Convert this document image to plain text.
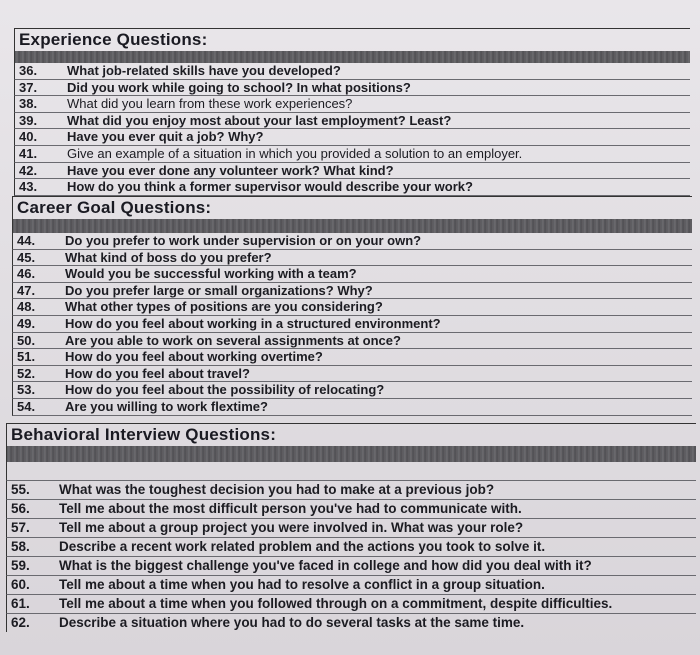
Experience Questions:
36.	What job-related skills have you developed?
37.	Did you work while going to school? In what positions?
38.	What did you learn from these work experiences?
39.	What did you enjoy most about your last employment? Least?
40.	Have you ever quit a job? Why?
41.	Give an example of a situation in which you provided a solution to an employer.
42.	Have you ever done any volunteer work? What kind?
43.	How do you think a former supervisor would describe your work?
Career Goal Questions:
44.	Do you prefer to work under supervision or on your own?
45.	What kind of boss do you prefer?
46.	Would you be successful working with a team?
47.	Do you prefer large or small organizations? Why?
48.	What other types of positions are you considering?
49.	How do you feel about working in a structured environment?
50.	Are you able to work on several assignments at once?
51.	How do you feel about working overtime?
52.	How do you feel about travel?
53.	How do you feel about the possibility of relocating?
54.	Are you willing to work flextime?
Behavioral Interview Questions:
55.	What was the toughest decision you had to make at a previous job?
56.	Tell me about the most difficult person you've had to communicate with.
57.	Tell me about a group project you were involved in. What was your role?
58.	Describe a recent work related problem and the actions you took to solve it.
59.	What is the biggest challenge you've faced in college and how did you deal with it?
60.	Tell me about a time when you had to resolve a conflict in a group situation.
61.	Tell me about a time when you followed through on a commitment, despite difficulties.
62.	Describe a situation where you had to do several tasks at the same time.
